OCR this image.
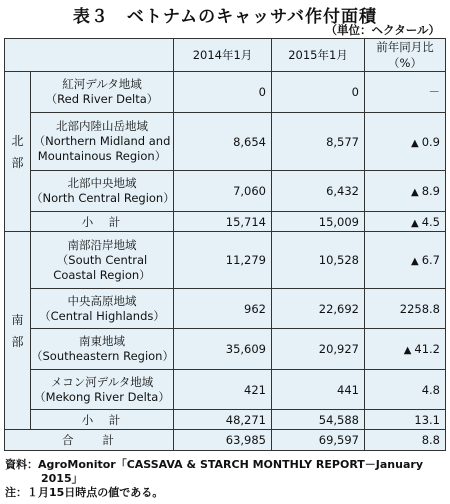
表３　ベトナムのキャッサバ作付面積
（単位：ヘクタール）
		2014年1月	2015年1月	前年同月比（%）
北
部	紅河デルタ地域
（Red River Delta）	0	0	－
	北部内陸山岳地域
（Northern Midland and
Mountainous Region）	8,654	8,577	▲ 0.9
	北部中央地域
（North Central Region）	7,060	6,432	▲ 8.9
	小　計	15,714	15,009	▲ 4.5
南
部	南部沿岸地域
（South Central
Coastal Region）	11,279	10,528	▲ 6.7
	中央高原地域
（Central Highlands）	962	22,692	2258.8
	南東地域
（Southeastern Region）	35,609	20,927	▲ 41.2
	メコン河デルタ地域
（Mekong River Delta）	421	441	4.8
	小　計	48,271	54,588	13.1
合　　計		63,985	69,597	8.8
資料：AgroMonitor「CASSAVA & STARCH MONTHLY REPORT－January
2015」
注：１月15日時点の値である。
